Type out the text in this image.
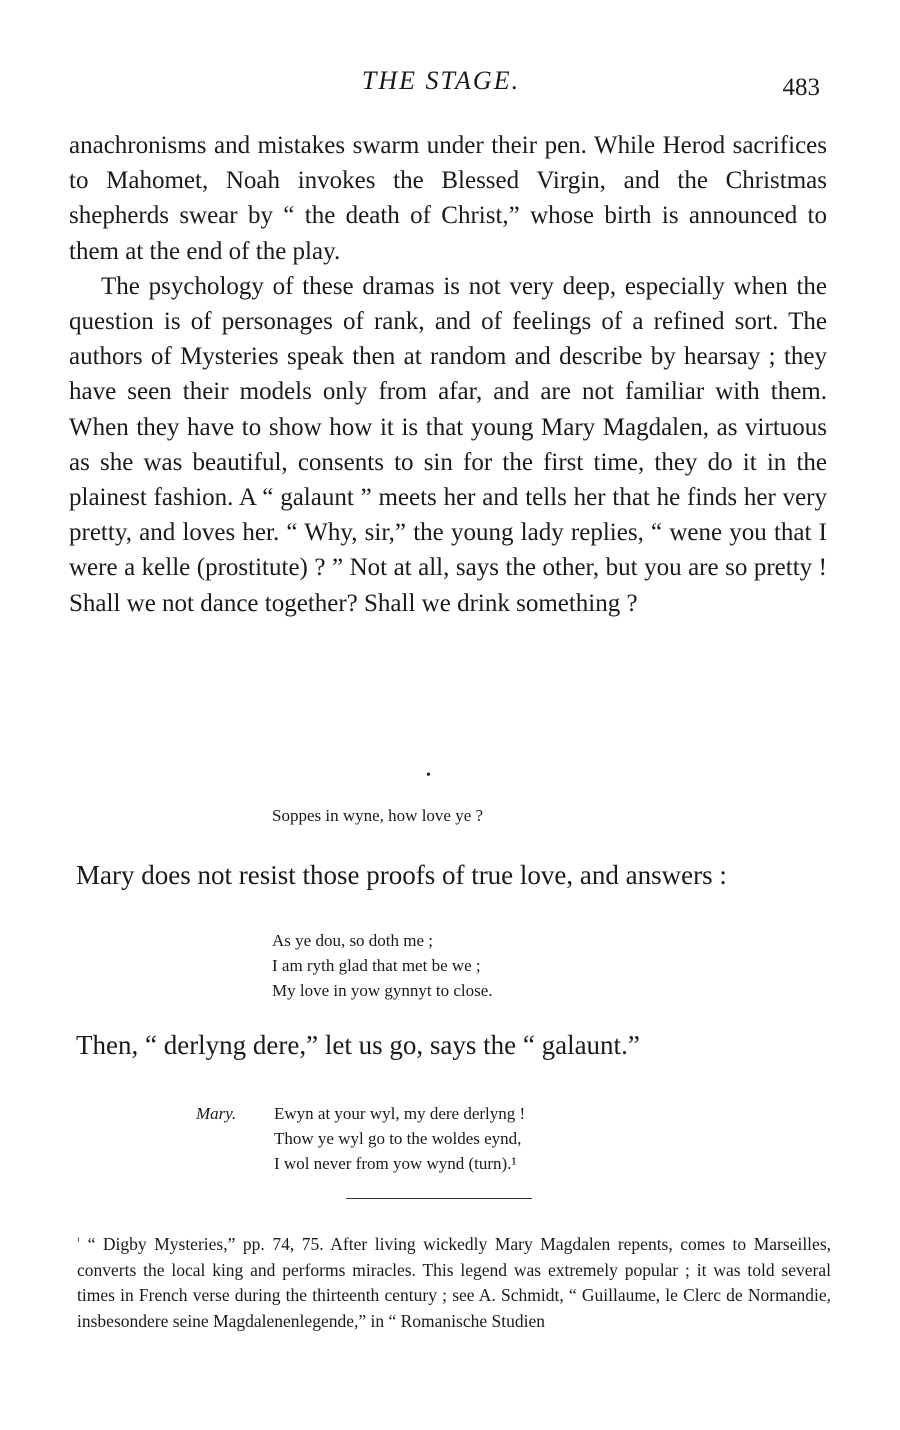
THE STAGE.	483

anachronisms and mistakes swarm under their pen. While Herod sacrifices to Mahomet, Noah invokes the Blessed Virgin, and the Christmas shepherds swear by “ the death of Christ,” whose birth is announced to them at the end of the play.

The psychology of these dramas is not very deep, especially when the question is of personages of rank, and of feelings of a refined sort. The authors of Mysteries speak then at random and describe by hearsay ; they have seen their models only from afar, and are not familiar with them. When they have to show how it is that young Mary Magdalen, as virtuous as she was beautiful, consents to sin for the first time, they do it in the plainest fashion. A “ galaunt ” meets her and tells her that he finds her very pretty, and loves her. “ Why, sir,” the young lady replies, “ wene you that I were a kelle (prostitute) ? ” Not at all, says the other, but you are so pretty ! Shall we not dance together? Shall we drink something ?

•
Soppes in wyne, how love ye ?
Mary does not resist those proofs of true love, and answers :
As ye dou, so doth me ;
I am ryth glad that met be we ;
My love in yow gynnyt to close.
Then, “ derlyng dere,” let us go, says the “ galaunt.”
Mary. Ewyn at your wyl, my dere derlyng !
Thow ye wyl go to the woldes eynd,
I wol never from yow wynd (turn).¹

$^{^1}$ “ Digby Mysteries,” pp. 74, 75. After living wickedly Mary Magdalen repents, comes to Marseilles, converts the local king and performs miracles. This legend was extremely popular ; it was told several times in French verse during the thirteenth century ; see A. Schmidt, “ Guillaume, le Clerc de Normandie, insbesondere seine Magdalenenlegende,” in “ Romanische Studien
